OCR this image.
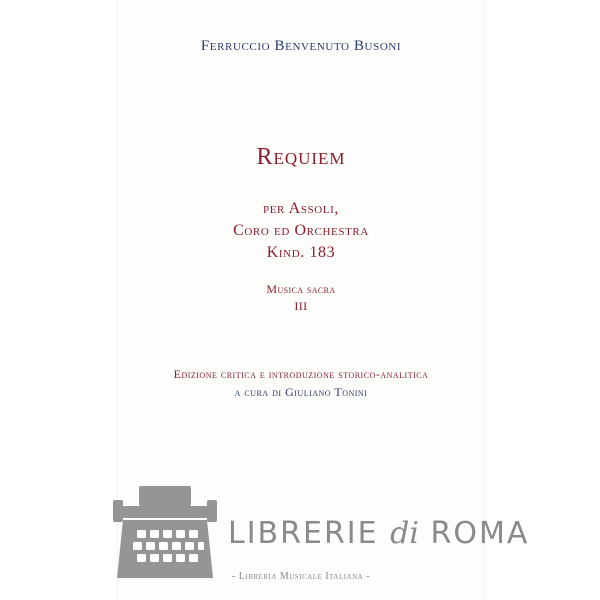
Ferruccio Benvenuto Busoni
Requiem
per Assoli,
Coro ed Orchestra
Kind. 183
Musica sacra
III
Edizione critica e introduzione storico-analitica
a cura di Giuliano Tonini
LIBRERIE di ROMA
- Libreria Musicale Italiana -
